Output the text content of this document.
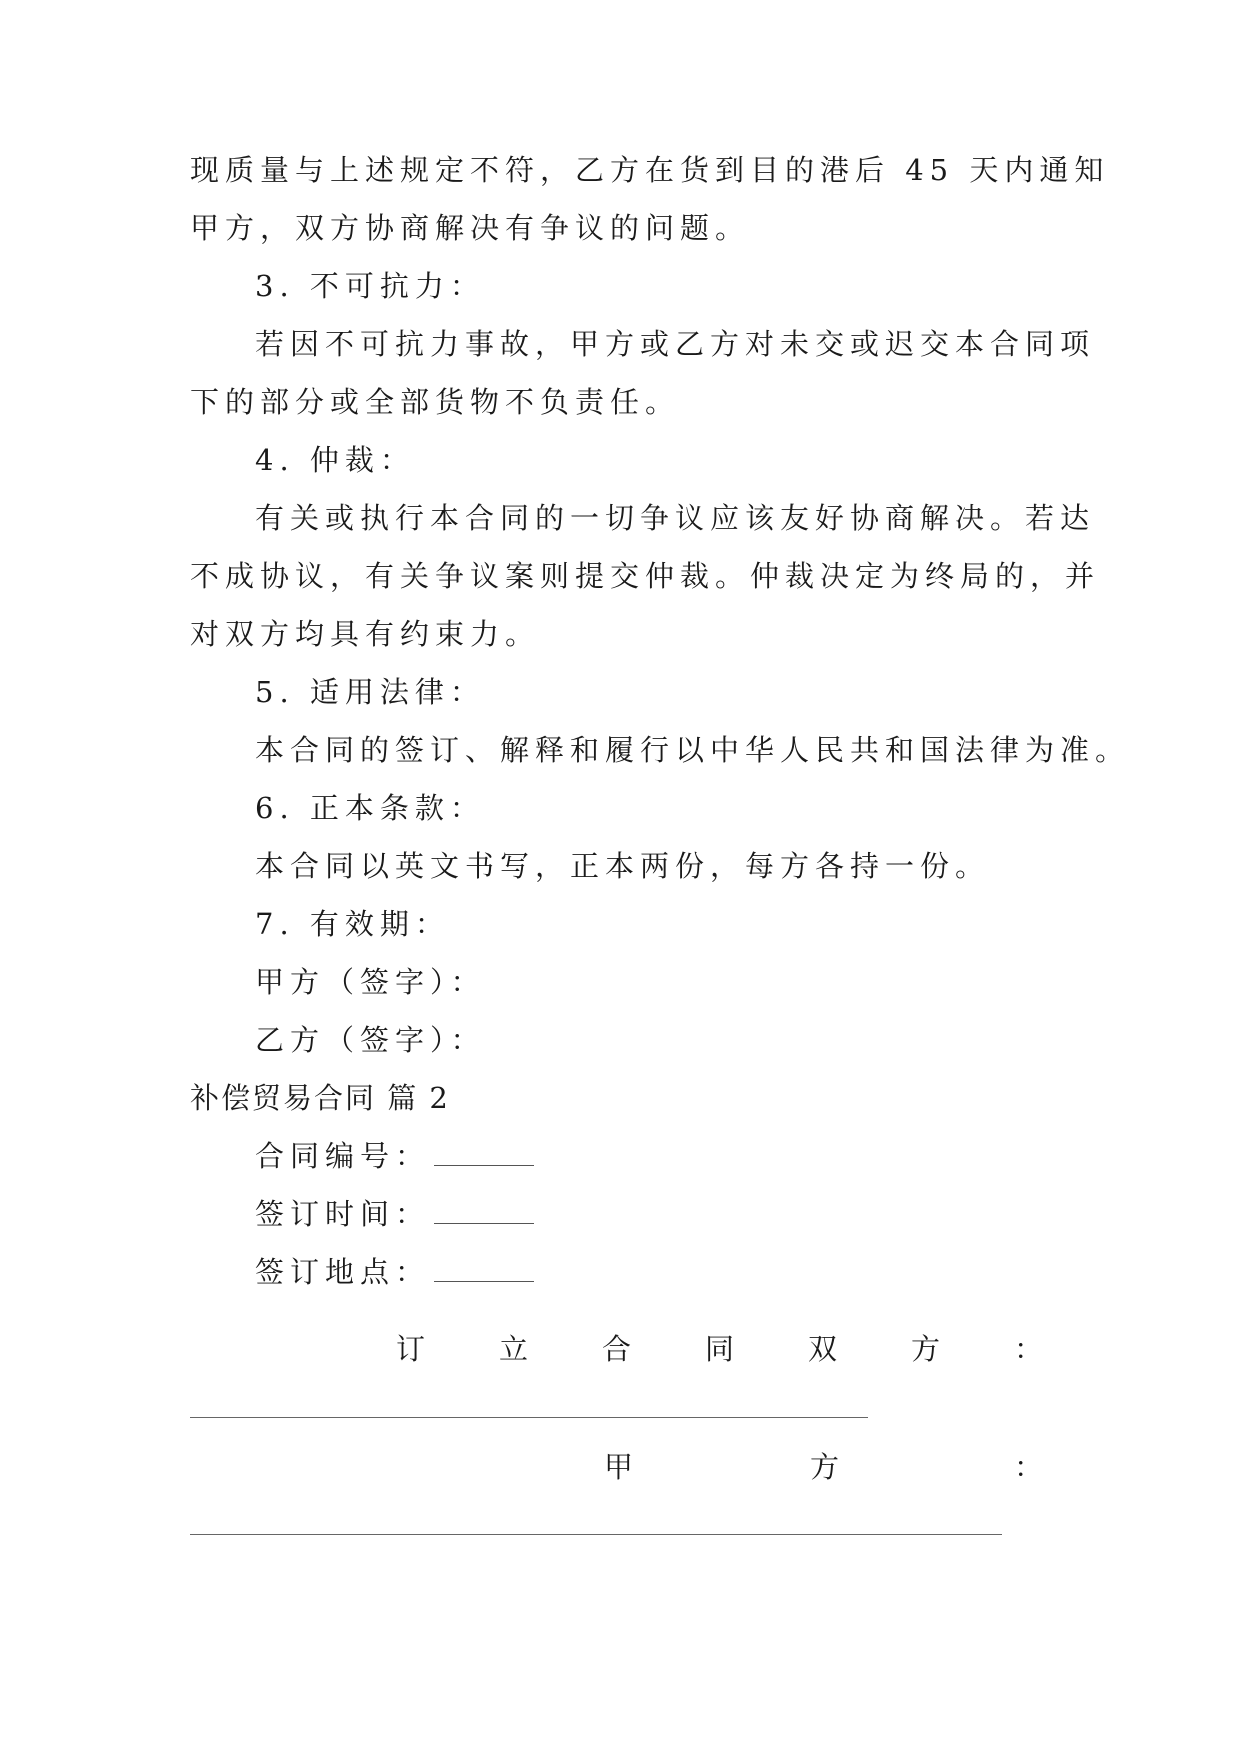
现质量与上述规定不符，乙方在货到目的港后 45 天内通知
甲方，双方协商解决有争议的问题。
3. 不可抗力：
若因不可抗力事故，甲方或乙方对未交或迟交本合同项
下的部分或全部货物不负责任。
4. 仲裁：
有关或执行本合同的一切争议应该友好协商解决。若达
不成协议，有关争议案则提交仲裁。仲裁决定为终局的，并
对双方均具有约束力。
5. 适用法律：
本合同的签订、解释和履行以中华人民共和国法律为准。
6. 正本条款：
本合同以英文书写，正本两份，每方各持一份。
7. 有效期：
甲方（签字）：
乙方（签字）：
补偿贸易合同 篇 2
合同编号：
签订时间：
签订地点：
订	立	合	同	双	方	：
甲	方	：
